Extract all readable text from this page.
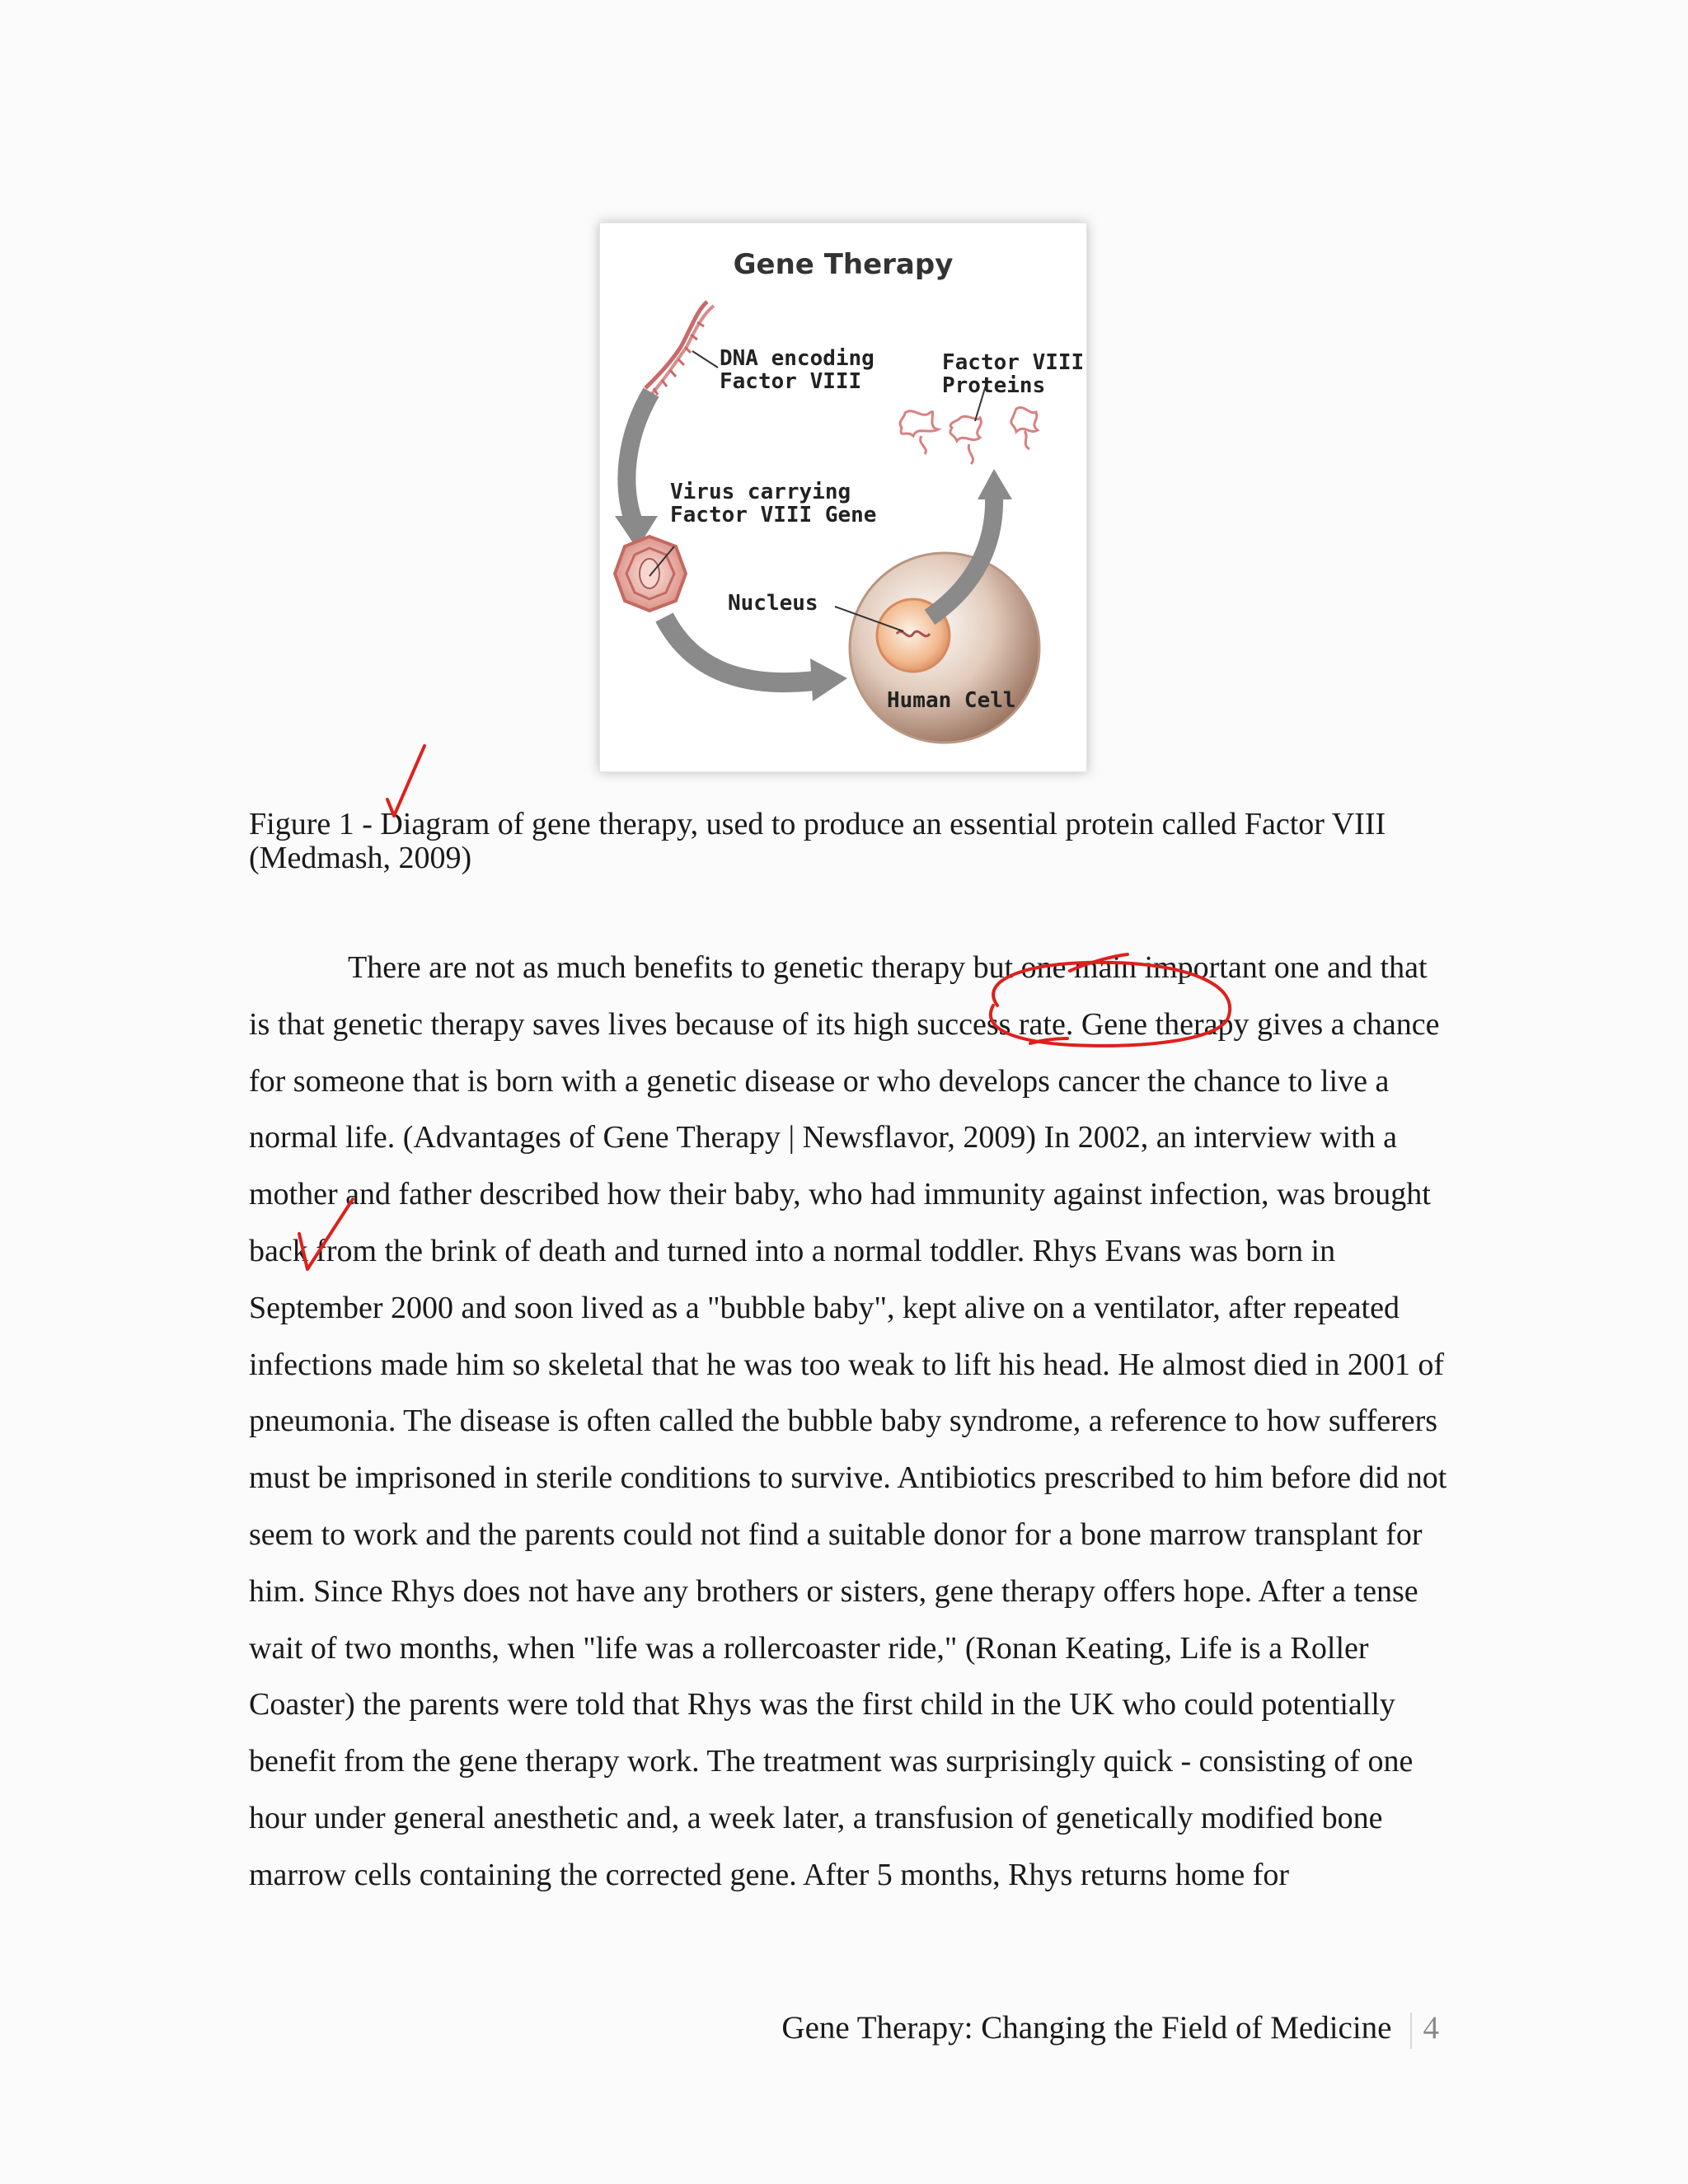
Gene Therapy
DNA encoding
Factor VIII
Factor VIII
Proteins
Virus carrying
Factor VIII Gene
Nucleus
Human Cell

Figure 1 - Diagram of gene therapy, used to produce an essential protein called Factor VIII (Medmash, 2009)

There are not as much benefits to genetic therapy but one main important one and that is that genetic therapy saves lives because of its high success rate. Gene therapy gives a chance for someone that is born with a genetic disease or who develops cancer the chance to live a normal life. (Advantages of Gene Therapy | Newsflavor, 2009) In 2002, an interview with a mother and father described how their baby, who had immunity against infection, was brought back from the brink of death and turned into a normal toddler. Rhys Evans was born in September 2000 and soon lived as a "bubble baby", kept alive on a ventilator, after repeated infections made him so skeletal that he was too weak to lift his head. He almost died in 2001 of pneumonia. The disease is often called the bubble baby syndrome, a reference to how sufferers must be imprisoned in sterile conditions to survive. Antibiotics prescribed to him before did not seem to work and the parents could not find a suitable donor for a bone marrow transplant for him. Since Rhys does not have any brothers or sisters, gene therapy offers hope. After a tense wait of two months, when "life was a rollercoaster ride," (Ronan Keating, Life is a Roller Coaster) the parents were told that Rhys was the first child in the UK who could potentially benefit from the gene therapy work. The treatment was surprisingly quick - consisting of one hour under general anesthetic and, a week later, a transfusion of genetically modified bone marrow cells containing the corrected gene. After 5 months, Rhys returns home for

Gene Therapy: Changing the Field of Medicine 4
